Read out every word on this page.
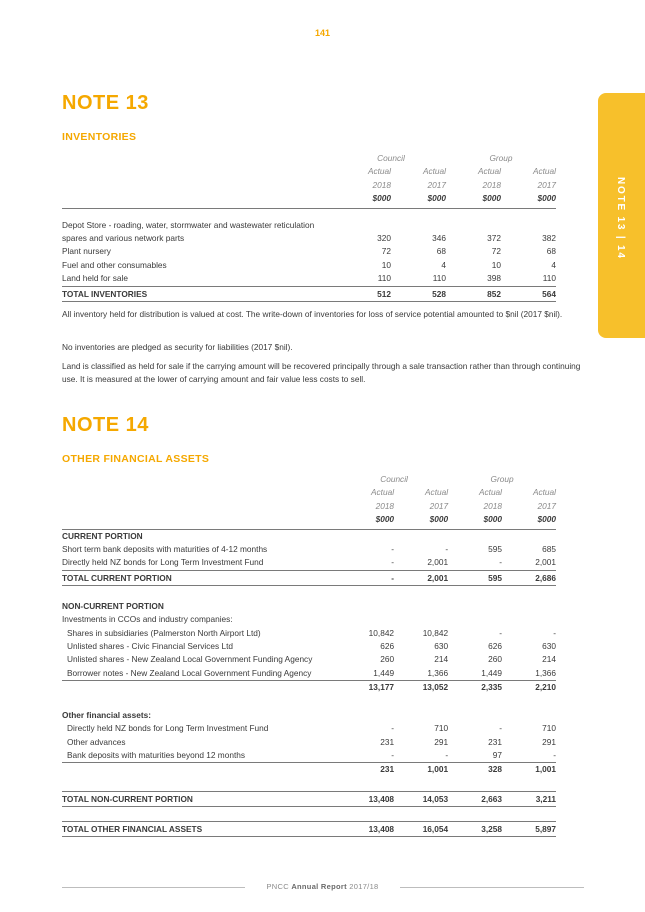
141
NOTE 13 | 14
NOTE 13
INVENTORIES
	Council		Group	
	Actual	Actual	Actual	Actual
	2018	2017	2018	2017
	$000	$000	$000	$000

Depot Store - roading, water, stormwater and wastewater reticulation				
spares and various network parts	320	346	372	382
Plant nursery	72	68	72	68
Fuel and other consumables	10	4	10	4
Land held for sale	110	110	398	110
TOTAL INVENTORIES	512	528	852	564
All inventory held for distribution is valued at cost. The write-down of inventories for loss of service potential amounted to $nil (2017 $nil).
No inventories are pledged as security for liabilities (2017 $nil).
Land is classified as held for sale if the carrying amount will be recovered principally through a sale transaction rather than through continuing use. It is measured at the lower of carrying amount and fair value less costs to sell.
NOTE 14
OTHER FINANCIAL ASSETS
	Council		Group	
	Actual	Actual	Actual	Actual
	2018	2017	2018	2017
	$000	$000	$000	$000
CURRENT PORTION				
Short term bank deposits with maturities of 4-12 months	-	-	595	685
Directly held NZ bonds for Long Term Investment Fund	-	2,001	-	2,001
TOTAL CURRENT PORTION	-	2,001	595	2,686

NON-CURRENT PORTION				
Investments in CCOs and industry companies:				
Shares in subsidiaries (Palmerston North Airport Ltd)	10,842	10,842	-	-
Unlisted shares - Civic Financial Services Ltd	626	630	626	630
Unlisted shares - New Zealand Local Government Funding Agency	260	214	260	214
Borrower notes - New Zealand Local Government Funding Agency	1,449	1,366	1,449	1,366
	13,177	13,052	2,335	2,210

Other financial assets:				
Directly held NZ bonds for Long Term Investment Fund	-	710	-	710
Other advances	231	291	231	291
Bank deposits with maturities beyond 12 months	-	-	97	-
	231	1,001	328	1,001

TOTAL NON-CURRENT PORTION	13,408	14,053	2,663	3,211

TOTAL OTHER FINANCIAL ASSETS	13,408	16,054	3,258	5,897
PNCC Annual Report 2017/18
